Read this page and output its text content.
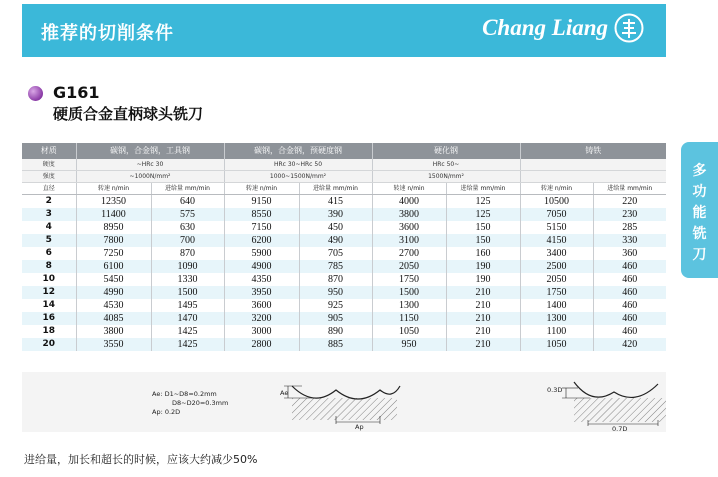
推荐的切削条件	Chang Liang
G161
硬质合金直柄球头铣刀
多
功
能
铣
刀
材质	碳钢，合金钢，工具钢		碳钢，合金钢，预硬度钢		硬化钢		铸铁	
硬度	~HRc 30		HRc 30~HRc 50		HRc 50~			
强度	~1000N/mm²		1000~1500N/mm²		1500N/mm²			
直径	转速 n/min	进给量 mm/min	转速 n/min	进给量 mm/min	转速 n/min	进给量 mm/min	转速 n/min	进给量 mm/min
2	12350	640	9150	415	4000	125	10500	220
3	11400	575	8550	390	3800	125	7050	230
4	8950	630	7150	450	3600	150	5150	285
5	7800	700	6200	490	3100	150	4150	330
6	7250	870	5900	705	2700	160	3400	360
8	6100	1090	4900	785	2050	190	2500	460
10	5450	1330	4350	870	1750	190	2050	460
12	4990	1500	3950	950	1500	210	1750	460
14	4530	1495	3600	925	1300	210	1400	460
16	4085	1470	3200	905	1150	210	1300	460
18	3800	1425	3000	890	1050	210	1100	460
20	3550	1425	2800	885	950	210	1050	420
Ae: D1~D8=0.2mm
D8~D20=0.3mm
Ap: 0.2D
Ae
Ap
0.3D
0.7D
进给量，加长和超长的时候，应该大约减少50%
